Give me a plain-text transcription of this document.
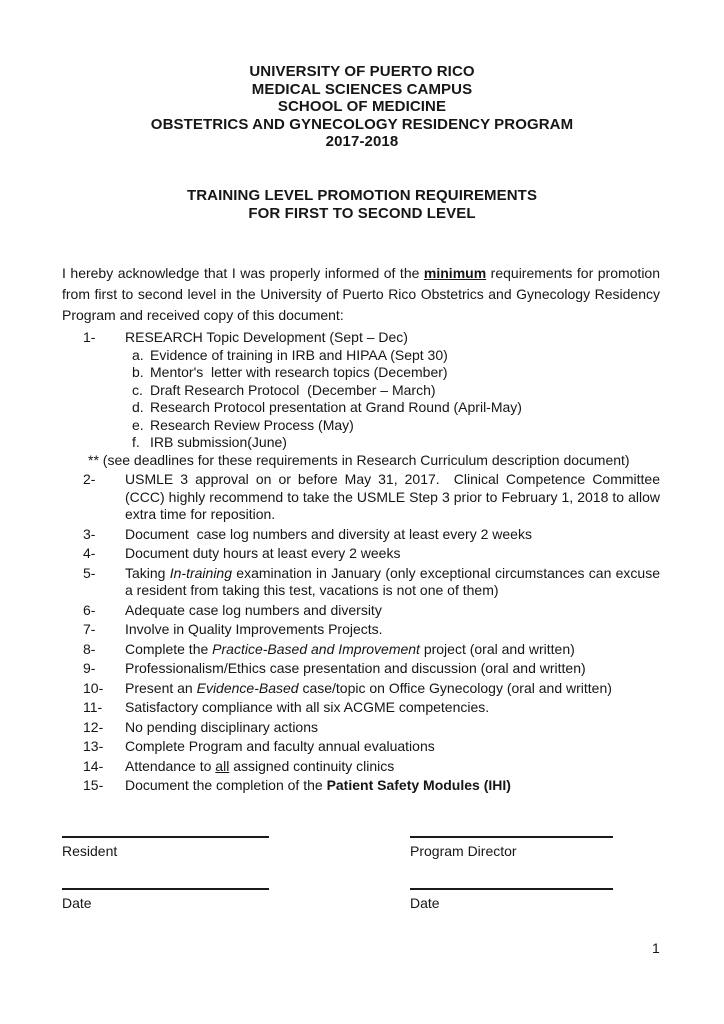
UNIVERSITY OF PUERTO RICO
MEDICAL SCIENCES CAMPUS
SCHOOL OF MEDICINE
OBSTETRICS AND GYNECOLOGY RESIDENCY PROGRAM
2017-2018
TRAINING LEVEL PROMOTION REQUIREMENTS
FOR FIRST TO SECOND LEVEL

I hereby acknowledge that I was properly informed of the minimum requirements for promotion from first to second level in the University of Puerto Rico Obstetrics and Gynecology Residency Program and received copy of this document:

1-	RESEARCH Topic Development (Sept – Dec)
a. Evidence of training in IRB and HIPAA (Sept 30)
b. Mentor's  letter with research topics (December)
c. Draft Research Protocol  (December – March)
d. Research Protocol presentation at Grand Round (April-May)
e. Research Review Process (May)
f. IRB submission(June)
** (see deadlines for these requirements in Research Curriculum description document)
2-	USMLE 3 approval on or before May 31, 2017.  Clinical Competence Committee (CCC) highly recommend to take the USMLE Step 3 prior to February 1, 2018 to allow extra time for reposition.
3-	Document  case log numbers and diversity at least every 2 weeks
4-	Document duty hours at least every 2 weeks
5-	Taking In-training examination in January (only exceptional circumstances can excuse a resident from taking this test, vacations is not one of them)
6-	Adequate case log numbers and diversity
7-	Involve in Quality Improvements Projects.
8-	Complete the Practice-Based and Improvement project (oral and written)
9-	Professionalism/Ethics case presentation and discussion (oral and written)
10-	Present an Evidence-Based case/topic on Office Gynecology (oral and written)
11-	Satisfactory compliance with all six ACGME competencies.
12-	No pending disciplinary actions
13-	Complete Program and faculty annual evaluations
14-	Attendance to all assigned continuity clinics
15-	Document the completion of the Patient Safety Modules (IHI)
Resident
Date
Program Director
Date
1
